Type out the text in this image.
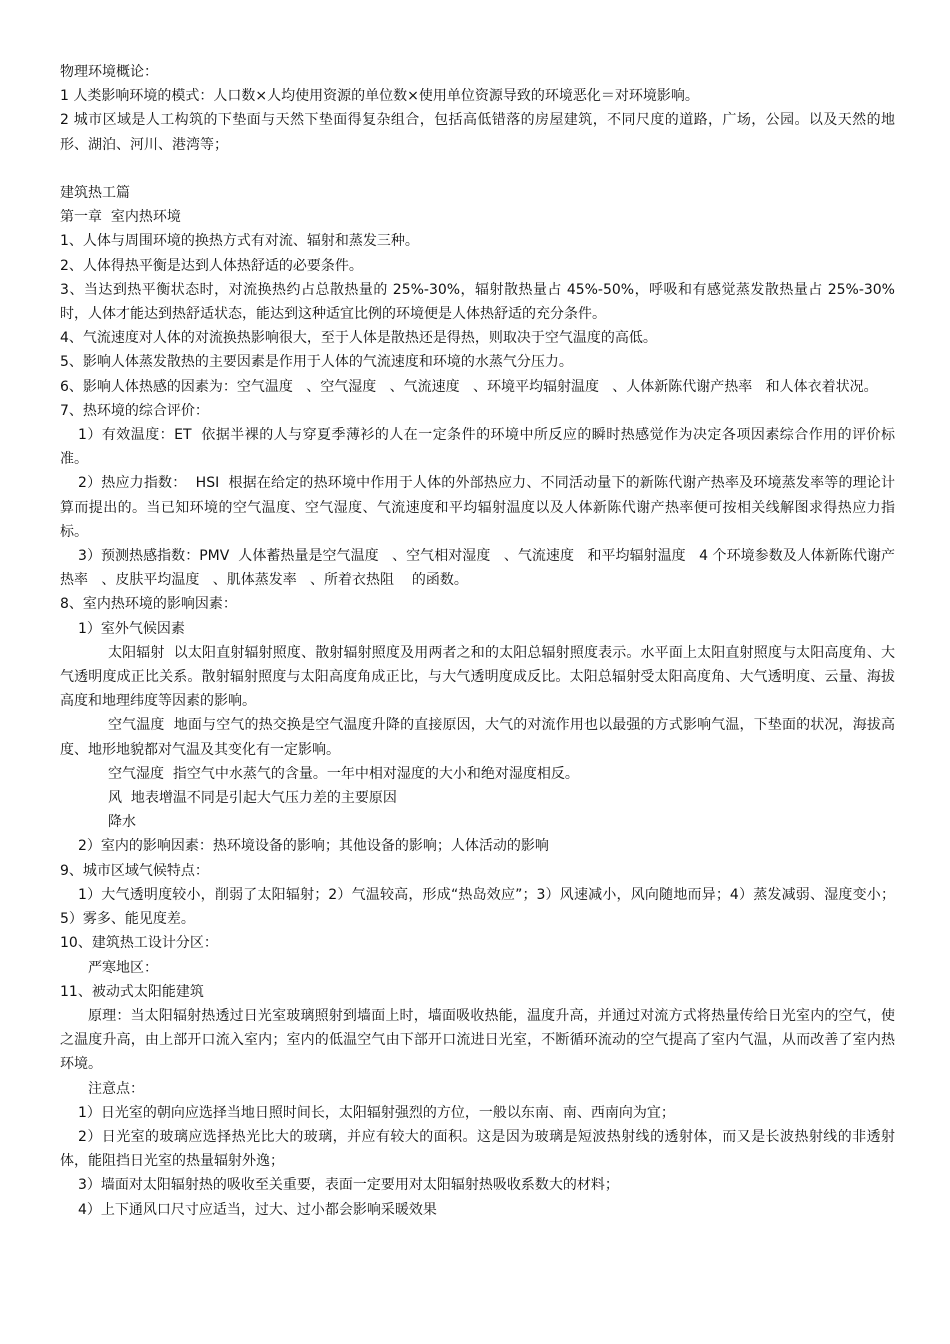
物理环境概论：

1 人类影响环境的模式：人口数×人均使用资源的单位数×使用单位资源导致的环境恶化＝对环境影响。

2 城市区域是人工构筑的下垫面与天然下垫面得复杂组合，包括高低错落的房屋建筑，不同尺度的道路，广场，公园。以及天然的地形、湖泊、河川、港湾等；

建筑热工篇

第一章  室内热环境

1、人体与周围环境的换热方式有对流、辐射和蒸发三种。

2、人体得热平衡是达到人体热舒适的必要条件。

3、当达到热平衡状态时，对流换热约占总散热量的 25%-30%，辐射散热量占 45%-50%，呼吸和有感觉蒸发散热量占 25%-30%时，人体才能达到热舒适状态，能达到这种适宜比例的环境便是人体热舒适的充分条件。

4、气流速度对人体的对流换热影响很大，至于人体是散热还是得热，则取决于空气温度的高低。

5、影响人体蒸发散热的主要因素是作用于人体的气流速度和环境的水蒸气分压力。

6、影响人体热感的因素为：空气温度   、空气湿度   、气流速度   、环境平均辐射温度   、人体新陈代谢产热率   和人体衣着状况。

7、热环境的综合评价：

1）有效温度：ET  依据半裸的人与穿夏季薄衫的人在一定条件的环境中所反应的瞬时热感觉作为决定各项因素综合作用的评价标准。

2）热应力指数：  HSI  根据在给定的热环境中作用于人体的外部热应力、不同活动量下的新陈代谢产热率及环境蒸发率等的理论计算而提出的。当已知环境的空气温度、空气湿度、气流速度和平均辐射温度以及人体新陈代谢产热率便可按相关线解图求得热应力指标。

3）预测热感指数：PMV  人体蓄热量是空气温度   、空气相对湿度   、气流速度   和平均辐射温度   4 个环境参数及人体新陈代谢产热率   、皮肤平均温度   、肌体蒸发率   、所着衣热阻    的函数。

8、室内热环境的影响因素：

1）室外气候因素

太阳辐射  以太阳直射辐射照度、散射辐射照度及用两者之和的太阳总辐射照度表示。水平面上太阳直射照度与太阳高度角、大气透明度成正比关系。散射辐射照度与太阳高度角成正比，与大气透明度成反比。太阳总辐射受太阳高度角、大气透明度、云量、海拔高度和地理纬度等因素的影响。

空气温度  地面与空气的热交换是空气温度升降的直接原因，大气的对流作用也以最强的方式影响气温，下垫面的状况，海拔高度、地形地貌都对气温及其变化有一定影响。

空气湿度  指空气中水蒸气的含量。一年中相对湿度的大小和绝对湿度相反。

风  地表增温不同是引起大气压力差的主要原因

降水

2）室内的影响因素：热环境设备的影响；其他设备的影响；人体活动的影响

9、城市区域气候特点：

1）大气透明度较小，削弱了太阳辐射；2）气温较高，形成“热岛效应”；3）风速减小，风向随地而异；4）蒸发减弱、湿度变小；5）雾多、能见度差。

10、建筑热工设计分区：

严寒地区：

11、被动式太阳能建筑

原理：当太阳辐射热透过日光室玻璃照射到墙面上时，墙面吸收热能，温度升高，并通过对流方式将热量传给日光室内的空气，使之温度升高，由上部开口流入室内；室内的低温空气由下部开口流进日光室，不断循环流动的空气提高了室内气温，从而改善了室内热环境。

注意点：

1）日光室的朝向应选择当地日照时间长，太阳辐射强烈的方位，一般以东南、南、西南向为宜；

2）日光室的玻璃应选择热光比大的玻璃，并应有较大的面积。这是因为玻璃是短波热射线的透射体，而又是长波热射线的非透射体，能阻挡日光室的热量辐射外逸；

3）墙面对太阳辐射热的吸收至关重要，表面一定要用对太阳辐射热吸收系数大的材料；

4）上下通风口尺寸应适当，过大、过小都会影响采暖效果
